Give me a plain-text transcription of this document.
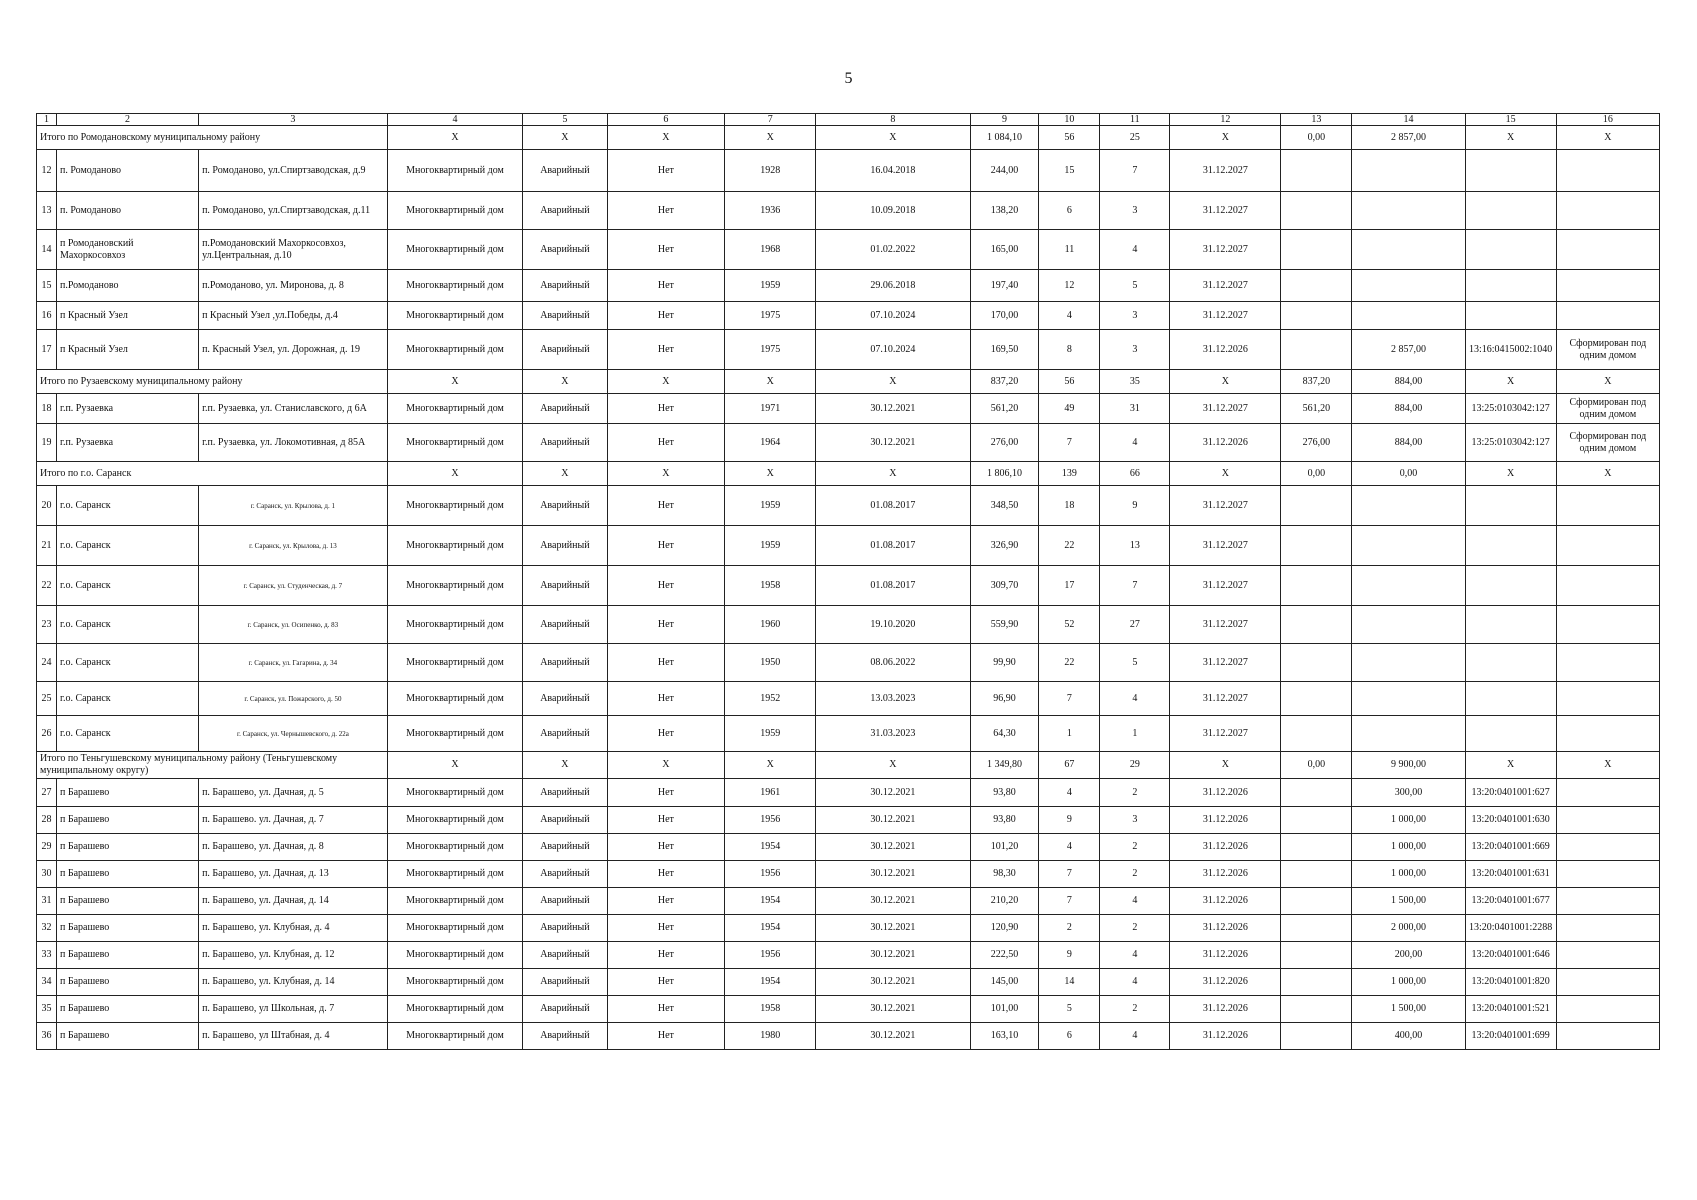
5
1	2	3	4	5	6	7	8	9	10	11	12	13	14	15	16
Итого по Ромодановскому муниципальному району			X	X	X	X	X	1 084,10	56	25	X	0,00	2 857,00	X	X
12	п. Ромоданово	п. Ромоданово, ул.Спиртзаводская, д.9	Многоквартирный дом	Аварийный	Нет	1928	16.04.2018	244,00	15	7	31.12.2027				
13	п. Ромоданово	п. Ромоданово, ул.Спиртзаводская, д.11	Многоквартирный дом	Аварийный	Нет	1936	10.09.2018	138,20	6	3	31.12.2027				
14	п Ромодановский Махоркосовхоз	п.Ромодановский Махоркосовхоз, ул.Центральная, д.10	Многоквартирный дом	Аварийный	Нет	1968	01.02.2022	165,00	11	4	31.12.2027				
15	п.Ромоданово	п.Ромоданово, ул. Миронова, д. 8	Многоквартирный дом	Аварийный	Нет	1959	29.06.2018	197,40	12	5	31.12.2027				
16	п Красный Узел	п Красный Узел ,ул.Победы, д.4	Многоквартирный дом	Аварийный	Нет	1975	07.10.2024	170,00	4	3	31.12.2027				
17	п Красный Узел	п. Красный Узел, ул. Дорожная, д. 19	Многоквартирный дом	Аварийный	Нет	1975	07.10.2024	169,50	8	3	31.12.2026		2 857,00	13:16:0415002:1040	Сформирован под одним домом
Итого по Рузаевскому муниципальному району			X	X	X	X	X	837,20	56	35	X	837,20	884,00	X	X
18	г.п. Рузаевка	г.п. Рузаевка, ул. Станиславского, д 6А	Многоквартирный дом	Аварийный	Нет	1971	30.12.2021	561,20	49	31	31.12.2027	561,20	884,00	13:25:0103042:127	Сформирован под одним домом
19	г.п. Рузаевка	г.п. Рузаевка, ул. Локомотивная, д 85А	Многоквартирный дом	Аварийный	Нет	1964	30.12.2021	276,00	7	4	31.12.2026	276,00	884,00	13:25:0103042:127	Сформирован под одним домом
Итого по г.о. Саранск			X	X	X	X	X	1 806,10	139	66	X	0,00	0,00	X	X
20	г.о. Саранск	г. Саранск, ул. Крылова, д. 1	Многоквартирный дом	Аварийный	Нет	1959	01.08.2017	348,50	18	9	31.12.2027				
21	г.о. Саранск	г. Саранск, ул. Крылова, д. 13	Многоквартирный дом	Аварийный	Нет	1959	01.08.2017	326,90	22	13	31.12.2027				
22	г.о. Саранск	г. Саранск, ул. Студенческая, д. 7	Многоквартирный дом	Аварийный	Нет	1958	01.08.2017	309,70	17	7	31.12.2027				
23	г.о. Саранск	г. Саранск, ул. Осипенко, д. 83	Многоквартирный дом	Аварийный	Нет	1960	19.10.2020	559,90	52	27	31.12.2027				
24	г.о. Саранск	г. Саранск, ул. Гагарина, д. 34	Многоквартирный дом	Аварийный	Нет	1950	08.06.2022	99,90	22	5	31.12.2027				
25	г.о. Саранск	г. Саранск, ул. Пожарского, д. 50	Многоквартирный дом	Аварийный	Нет	1952	13.03.2023	96,90	7	4	31.12.2027				
26	г.о. Саранск	г. Саранск, ул. Чернышевского, д. 22а	Многоквартирный дом	Аварийный	Нет	1959	31.03.2023	64,30	1	1	31.12.2027				
Итого по Теньгушевскому муниципальному району (Теньгушевскому муниципальному округу)			X	X	X	X	X	1 349,80	67	29	X	0,00	9 900,00	X	X
27	п Барашево	п. Барашево, ул. Дачная, д. 5	Многоквартирный дом	Аварийный	Нет	1961	30.12.2021	93,80	4	2	31.12.2026		300,00	13:20:0401001:627	
28	п Барашево	п. Барашево. ул. Дачная, д. 7	Многоквартирный дом	Аварийный	Нет	1956	30.12.2021	93,80	9	3	31.12.2026		1 000,00	13:20:0401001:630	
29	п Барашево	п. Барашево, ул. Дачная, д. 8	Многоквартирный дом	Аварийный	Нет	1954	30.12.2021	101,20	4	2	31.12.2026		1 000,00	13:20:0401001:669	
30	п Барашево	п. Барашево, ул. Дачная, д. 13	Многоквартирный дом	Аварийный	Нет	1956	30.12.2021	98,30	7	2	31.12.2026		1 000,00	13:20:0401001:631	
31	п Барашево	п. Барашево, ул. Дачная, д. 14	Многоквартирный дом	Аварийный	Нет	1954	30.12.2021	210,20	7	4	31.12.2026		1 500,00	13:20:0401001:677	
32	п Барашево	п. Барашево, ул. Клубная, д. 4	Многоквартирный дом	Аварийный	Нет	1954	30.12.2021	120,90	2	2	31.12.2026		2 000,00	13:20:0401001:2288	
33	п Барашево	п. Барашево, ул. Клубная, д. 12	Многоквартирный дом	Аварийный	Нет	1956	30.12.2021	222,50	9	4	31.12.2026		200,00	13:20:0401001:646	
34	п Барашево	п. Барашево, ул. Клубная, д. 14	Многоквартирный дом	Аварийный	Нет	1954	30.12.2021	145,00	14	4	31.12.2026		1 000,00	13:20:0401001:820	
35	п Барашево	п. Барашево, ул Школьная, д. 7	Многоквартирный дом	Аварийный	Нет	1958	30.12.2021	101,00	5	2	31.12.2026		1 500,00	13:20:0401001:521	
36	п Барашево	п. Барашево, ул Штабная, д. 4	Многоквартирный дом	Аварийный	Нет	1980	30.12.2021	163,10	6	4	31.12.2026		400,00	13:20:0401001:699	
